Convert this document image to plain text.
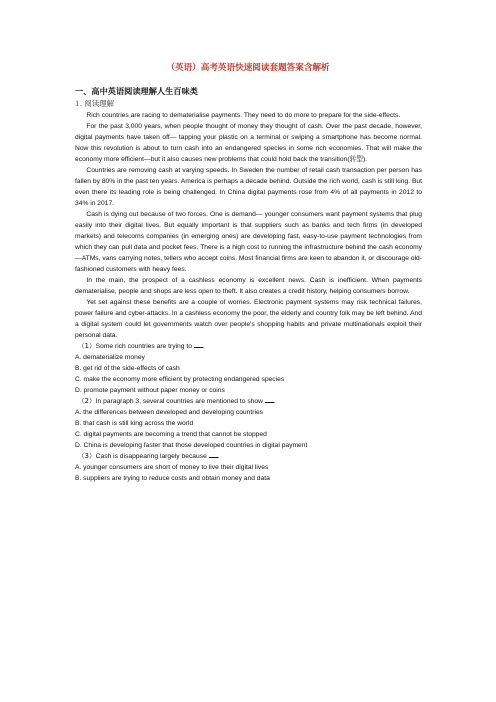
（英语）高考英语快速阅读套题答案含解析
一、高中英语阅读理解人生百味类
1. 阅读理解

Rich countries are racing to dematerialise payments. They need to do more to prepare for the side-effects.

For the past 3,000 years, when people thought of money they thought of cash. Over the past decade, however, digital payments have taken off— tapping your plastic on a terminal or swiping a smartphone has become normal. Now this revolution is about to turn cash into an endangered species in some rich economies. That will make the economy more efficient—but it also causes new problems that could hold back the transition(转型).

Countries are removing cash at varying speeds. In Sweden the number of retail cash transaction per person has fallen by 80% in the past ten years. America is perhaps a decade behind. Outside the rich world, cash is still king. But even there its leading role is being challenged. In China digital payments rose from 4% of all payments in 2012 to 34% in 2017.

Cash is dying out because of two forces. One is demand— younger consumers want payment systems that plug easily into their digital lives. But equally important is that suppliers such as banks and tech firms (in developed markets) and telecoms companies (in emerging ones) are developing fast, easy-to-use payment technologies from which they can pull data and pocket fees. There is a high cost to running the infrastructure behind the cash economy—ATMs, vans carrying notes, tellers who accept coins. Most financial firms are keen to abandon it, or discourage old-fashioned customers with heavy fees.

In the main, the prospect of a cashless economy is excellent news. Cash is inefficient. When payments dematerialise, people and shops are less open to theft. It also creates a credit history, helping consumers borrow.

Yet set against these benefits are a couple of worries. Electronic payment systems may risk technical failures, power failure and cyber-attacks. In a cashless economy the poor, the elderly and country folk may be left behind. And a digital system could let governments watch over people's shopping habits and private multinationals exploit their personal data.

（1）Some rich countries are trying to .

A. dematerialize money

B. get rid of the side-effects of cash

C. make the economy more efficient by protecting endangered species

D. promote payment without paper money or coins

（2）In paragraph 3, several countries are mentioned to show .

A. the differences between developed and developing countries

B. that cash is still king across the world

C. digital payments are becoming a trend that cannot be stopped

D. China is developing faster that those developed countries in digital payment

（3）Cash is disappearing largely because .

A. younger consumers are short of money to live their digital lives

B. suppliers are trying to reduce costs and obtain money and data
